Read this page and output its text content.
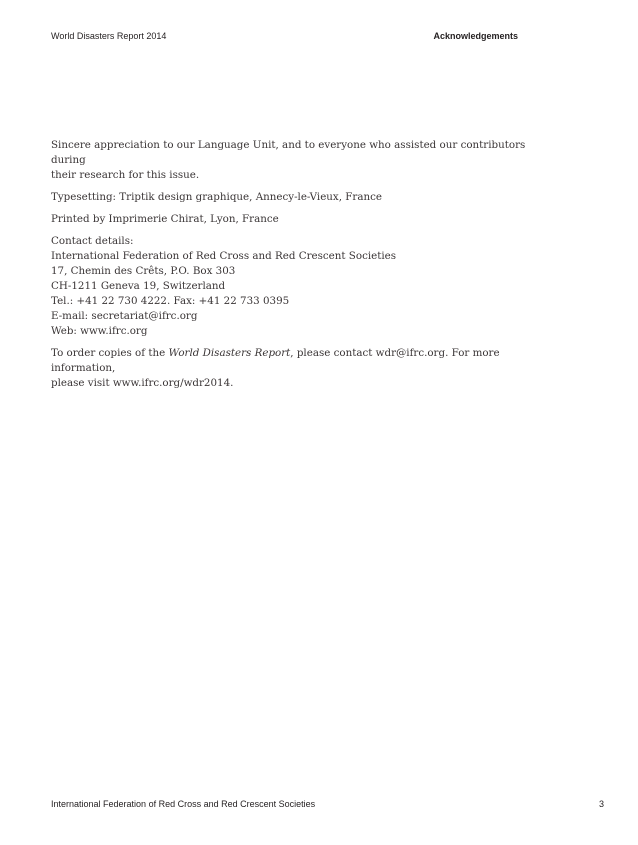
World Disasters Report 2014	Acknowledgements

Sincere appreciation to our Language Unit, and to everyone who assisted our contributors during
their research for this issue.

Typesetting: Triptik design graphique, Annecy-le-Vieux, France

Printed by Imprimerie Chirat, Lyon, France

Contact details:
International Federation of Red Cross and Red Crescent Societies
17, Chemin des Crêts, P.O. Box 303
CH-1211 Geneva 19, Switzerland
Tel.: +41 22 730 4222. Fax: +41 22 733 0395
E-mail: secretariat@ifrc.org
Web: www.ifrc.org

To order copies of the World Disasters Report, please contact wdr@ifrc.org. For more information,
please visit www.ifrc.org/wdr2014.

International Federation of Red Cross and Red Crescent Societies	3
